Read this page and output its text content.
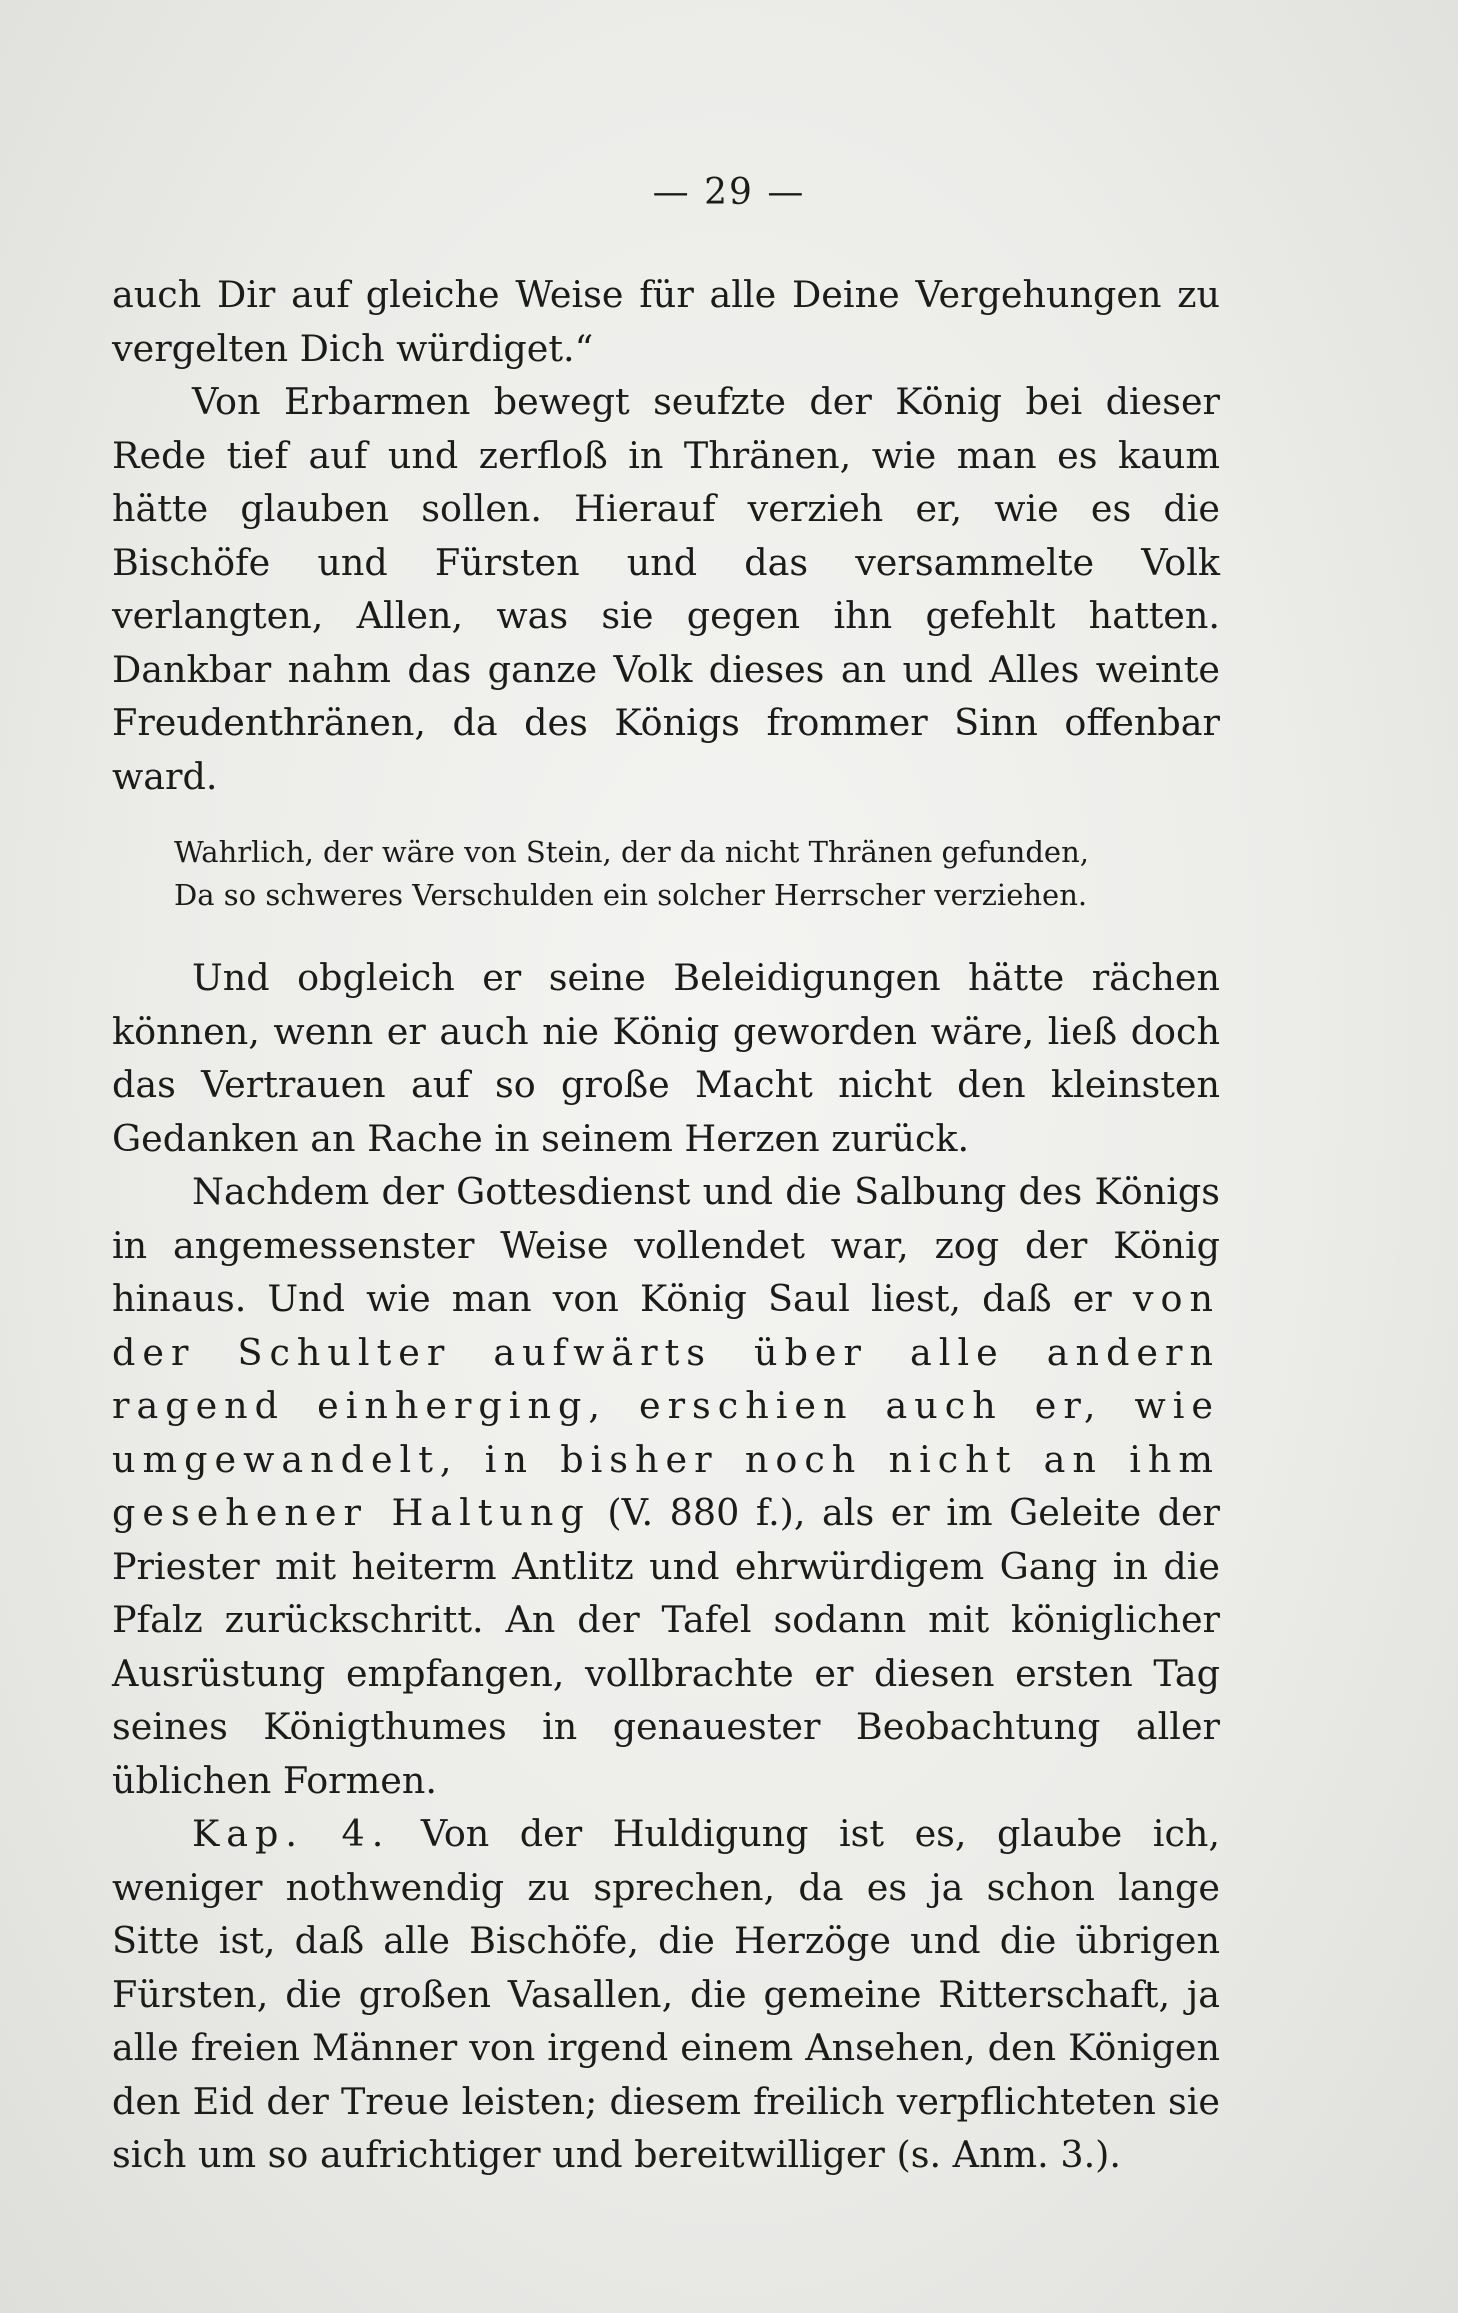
— 29 —

auch Dir auf gleiche Weise für alle Deine Vergehungen zu vergelten Dich würdiget.“

Von Erbarmen bewegt seufzte der König bei dieser Rede tief auf und zerfloß in Thränen, wie man es kaum hätte glauben sollen. Hierauf verzieh er, wie es die Bischöfe und Fürsten und das versammelte Volk verlangten, Allen, was sie gegen ihn gefehlt hatten. Dankbar nahm das ganze Volk dieses an und Alles weinte Freudenthränen, da des Königs frommer Sinn offenbar ward.

Wahrlich, der wäre von Stein, der da nicht Thränen gefunden,
Da so schweres Verschulden ein solcher Herrscher verziehen.

Und obgleich er seine Beleidigungen hätte rächen können, wenn er auch nie König geworden wäre, ließ doch das Vertrauen auf so große Macht nicht den kleinsten Gedanken an Rache in seinem Herzen zurück.

Nachdem der Gottesdienst und die Salbung des Königs in angemessenster Weise vollendet war, zog der König hinaus. Und wie man von König Saul liest, daß er von der Schulter aufwärts über alle andern ragend einherging, erschien auch er, wie umgewandelt, in bisher noch nicht an ihm gesehener Haltung (V. 880 f.), als er im Geleite der Priester mit heiterm Antlitz und ehrwürdigem Gang in die Pfalz zurückschritt. An der Tafel sodann mit königlicher Ausrüstung empfangen, vollbrachte er diesen ersten Tag seines Königthumes in genauester Beobachtung aller üblichen Formen.

Kap. 4. Von der Huldigung ist es, glaube ich, weniger nothwendig zu sprechen, da es ja schon lange Sitte ist, daß alle Bischöfe, die Herzöge und die übrigen Fürsten, die großen Vasallen, die gemeine Ritterschaft, ja alle freien Männer von irgend einem Ansehen, den Königen den Eid der Treue leisten; diesem freilich verpflichteten sie sich um so aufrichtiger und bereitwilliger (s. Anm. 3.).
